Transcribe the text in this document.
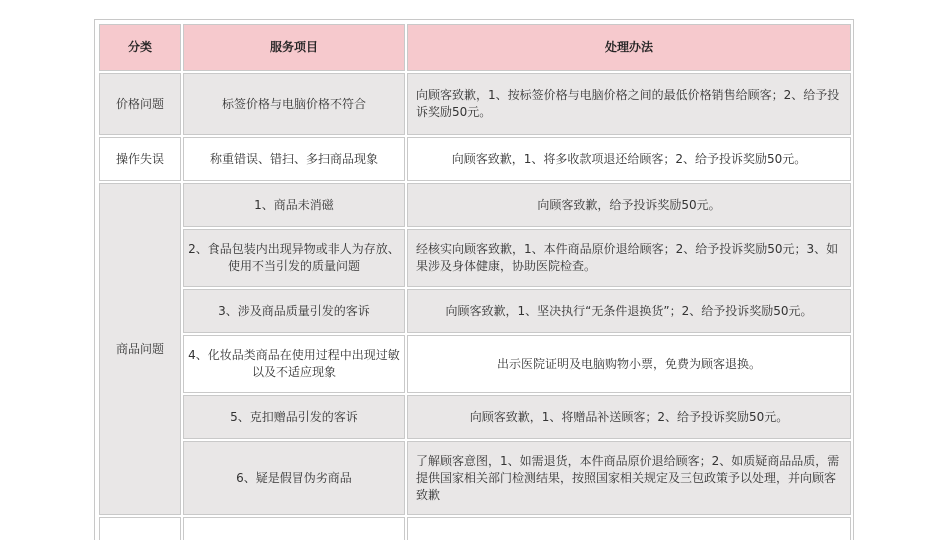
分类	服务项目	处理办法
价格问题	标签价格与电脑价格不符合	向顾客致歉，1、按标签价格与电脑价格之间的最低价格销售给顾客；2、给予投诉奖励50元。
操作失误	称重错误、错扫、多扫商品现象	向顾客致歉，1、将多收款项退还给顾客；2、给予投诉奖励50元。
商品问题	1、商品未消磁	向顾客致歉，给予投诉奖励50元。
	2、食品包装内出现异物或非人为存放、使用不当引发的质量问题	经核实向顾客致歉，1、本件商品原价退给顾客；2、给予投诉奖励50元；3、如果涉及身体健康，协助医院检查。
	3、涉及商品质量引发的客诉	向顾客致歉，1、坚决执行“无条件退换货”；2、给予投诉奖励50元。
	4、化妆品类商品在使用过程中出现过敏以及不适应现象	出示医院证明及电脑购物小票，免费为顾客退换。
	5、克扣赠品引发的客诉	向顾客致歉，1、将赠品补送顾客；2、给予投诉奖励50元。
	6、疑是假冒伪劣商品	了解顾客意图，1、如需退货，本件商品原价退给顾客；2、如质疑商品品质，需提供国家相关部门检测结果，按照国家相关规定及三包政策予以处理，并向顾客致歉
